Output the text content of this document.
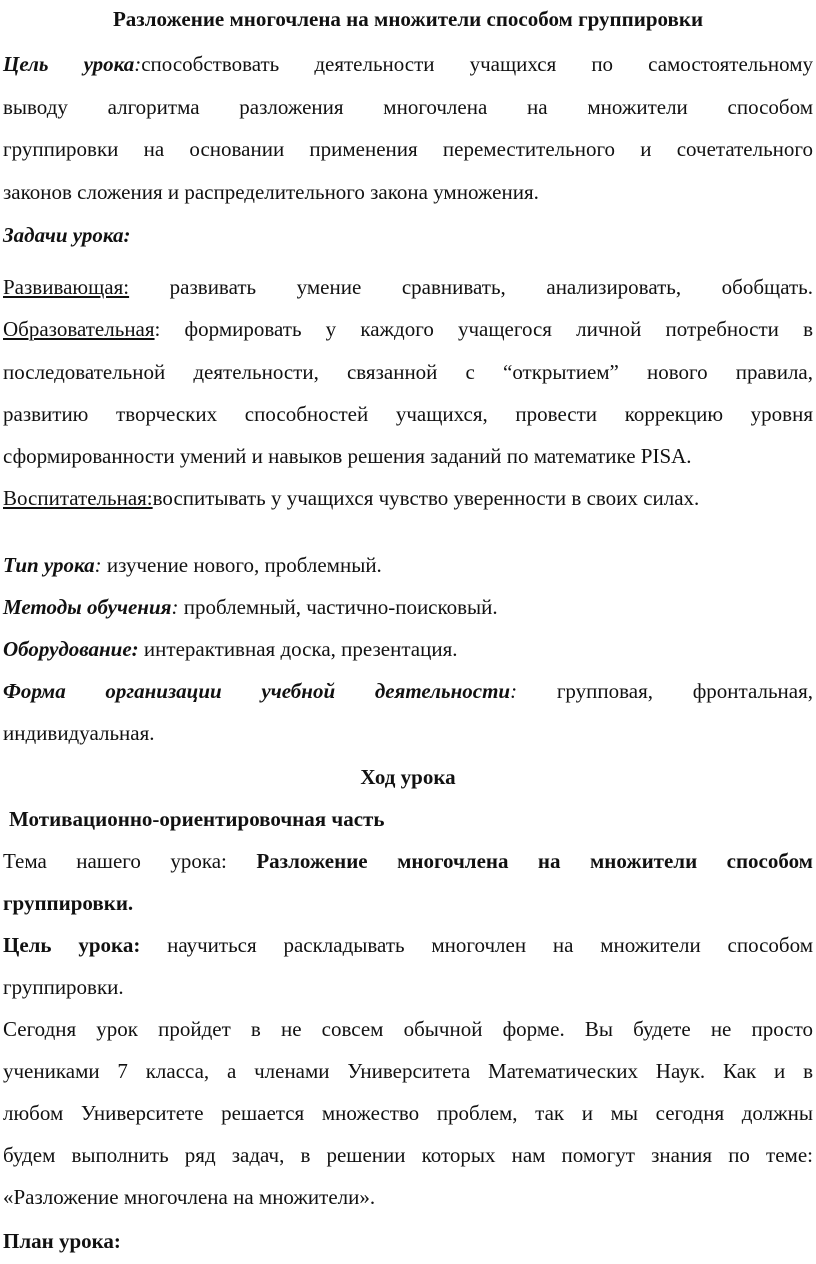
Разложение многочлена на множители способом группировки
Цель урока:способствовать деятельности учащихся по самостоятельному
выводу алгоритма разложения многочлена на множители способом
группировки на основании применения переместительного и сочетательного
законов сложения и распределительного закона умножения.
Задачи урока:
Развивающая: развивать умение сравнивать, анализировать, обобщать.
Образовательная: формировать у каждого учащегося личной потребности в
последовательной деятельности, связанной с “открытием” нового правила,
развитию творческих способностей учащихся, провести коррекцию уровня
сформированности умений и навыков решения заданий по математике PISA.
Воспитательная:воспитывать у учащихся чувство уверенности в своих силах.
Тип урока: изучение нового, проблемный.
Методы обучения: проблемный, частично-поисковый.
Оборудование: интерактивная доска, презентация.
Форма организации учебной деятельности: групповая, фронтальная,
индивидуальная.
Ход урока
Мотивационно-ориентировочная часть
Тема нашего урока: Разложение многочлена на множители способом
группировки.
Цель урока: научиться раскладывать многочлен на множители способом
группировки.
Сегодня урок пройдет в не совсем обычной форме. Вы будете не просто
учениками 7 класса, а членами Университета Математических Наук. Как и в
любом Университете решается множество проблем, так и мы сегодня должны
будем выполнить ряд задач, в решении которых нам помогут знания по теме:
«Разложение многочлена на множители».
План урока:
